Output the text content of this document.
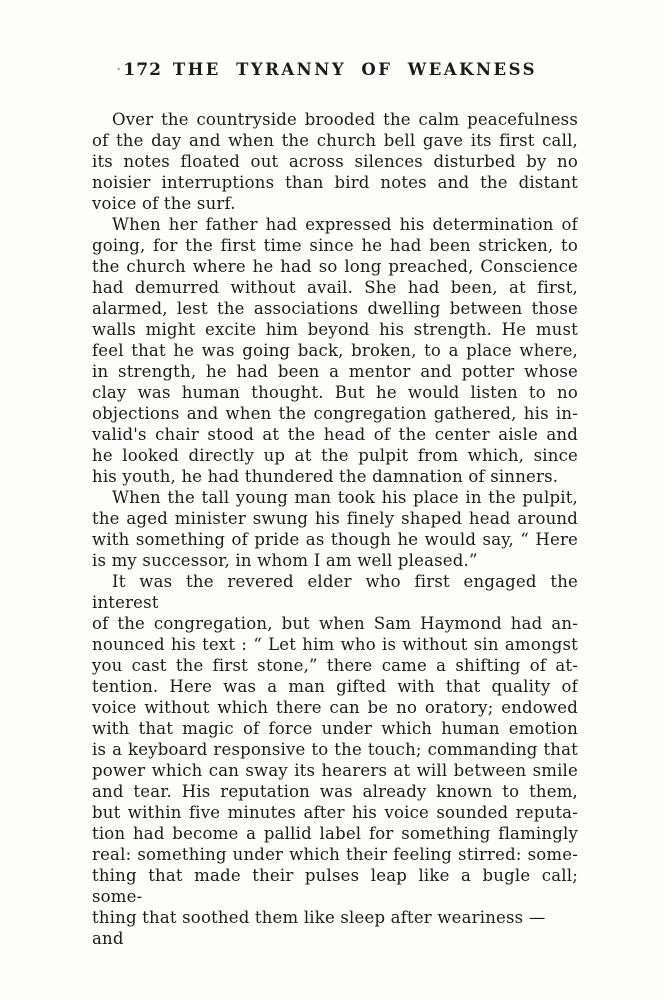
· 172 THE TYRANNY OF WEAKNESS
Over the countryside brooded the calm peacefulness
of the day and when the church bell gave its first call,
its notes floated out across silences disturbed by no
noisier interruptions than bird notes and the distant
voice of the surf.
When her father had expressed his determination of
going, for the first time since he had been stricken, to
the church where he had so long preached, Conscience
had demurred without avail. She had been, at first,
alarmed, lest the associations dwelling between those
walls might excite him beyond his strength. He must
feel that he was going back, broken, to a place where,
in strength, he had been a mentor and potter whose
clay was human thought. But he would listen to no
objections and when the congregation gathered, his in-
valid's chair stood at the head of the center aisle and
he looked directly up at the pulpit from which, since
his youth, he had thundered the damnation of sinners.
When the tall young man took his place in the pulpit,
the aged minister swung his finely shaped head around
with something of pride as though he would say, “ Here
is my successor, in whom I am well pleased.”
It was the revered elder who first engaged the interest
of the congregation, but when Sam Haymond had an-
nounced his text : “ Let him who is without sin amongst
you cast the first stone,” there came a shifting of at-
tention. Here was a man gifted with that quality of
voice without which there can be no oratory; endowed
with that magic of force under which human emotion
is a keyboard responsive to the touch; commanding that
power which can sway its hearers at will between smile
and tear. His reputation was already known to them,
but within five minutes after his voice sounded reputa-
tion had become a pallid label for something flamingly
real: something under which their feeling stirred: some-
thing that made their pulses leap like a bugle call; some-
thing that soothed them like sleep after weariness — and
